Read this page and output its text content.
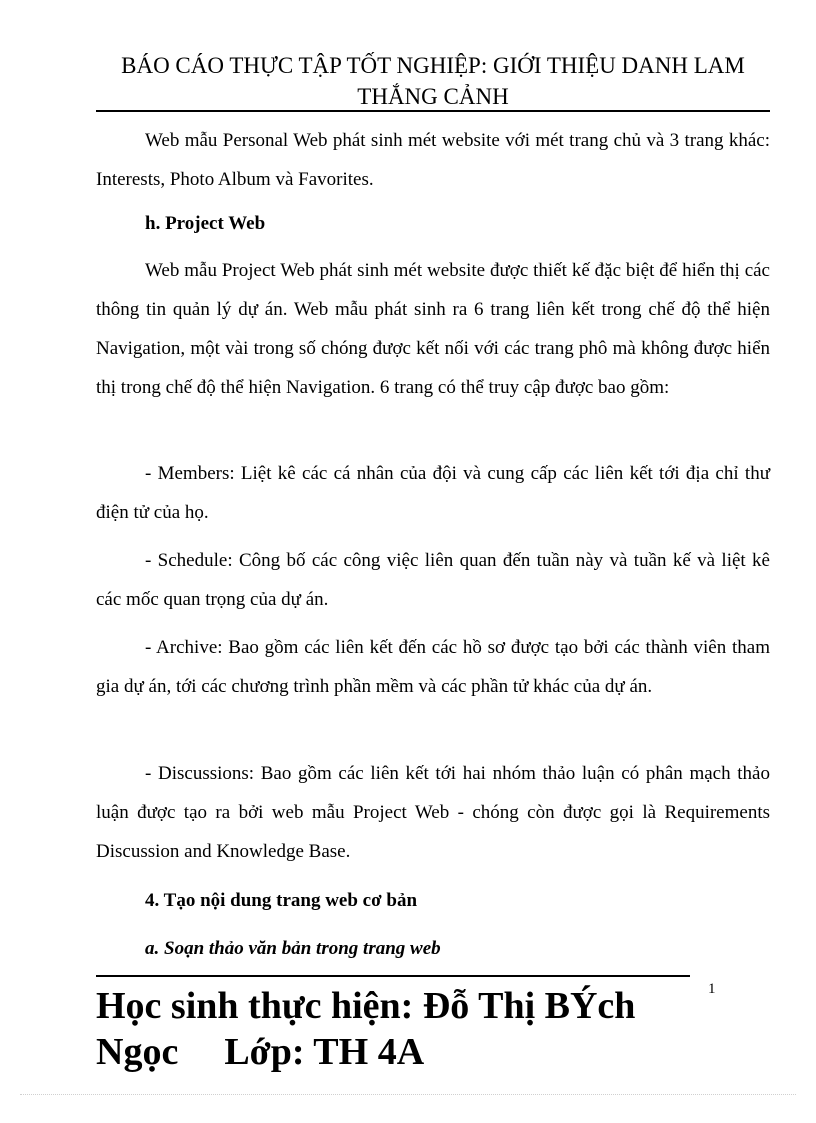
BÁO CÁO THỰC TẬP TỐT NGHIỆP: GIỚI THIỆU DANH LAM THẮNG CẢNH

Web mẫu Personal Web phát sinh mét website với mét trang chủ và 3 trang khác: Interests, Photo Album và Favorites.

h. Project Web

Web mẫu Project Web phát sinh mét website được thiết kế đặc biệt để hiển thị các thông tin quản lý dự án. Web mẫu phát sinh ra 6 trang liên kết trong chế độ thể hiện Navigation, một vài trong số chóng được kết nối với các trang phô mà không được hiển thị trong chế độ thể hiện Navigation. 6 trang có thể truy cập được bao gồm:

- Members: Liệt kê các cá nhân của đội và cung cấp các liên kết tới địa chỉ thư điện tử của họ.

- Schedule: Công bố các công việc liên quan đến tuần này và tuần kế và liệt kê các mốc quan trọng của dự án.

- Archive: Bao gồm các liên kết đến các hồ sơ được tạo bởi các thành viên tham gia dự án, tới các chương trình phần mềm và các phần tử khác của dự án.

- Discussions: Bao gồm các liên kết tới hai nhóm thảo luận có phân mạch thảo luận được tạo ra bởi web mẫu Project Web - chóng còn được gọi là Requirements Discussion and Knowledge Base.

4. Tạo nội dung trang web cơ bản

a. Soạn thảo văn bản trong trang web

1
Học sinh thực hiện: Đỗ Thị BÝch
Ngọc Lớp: TH 4A
